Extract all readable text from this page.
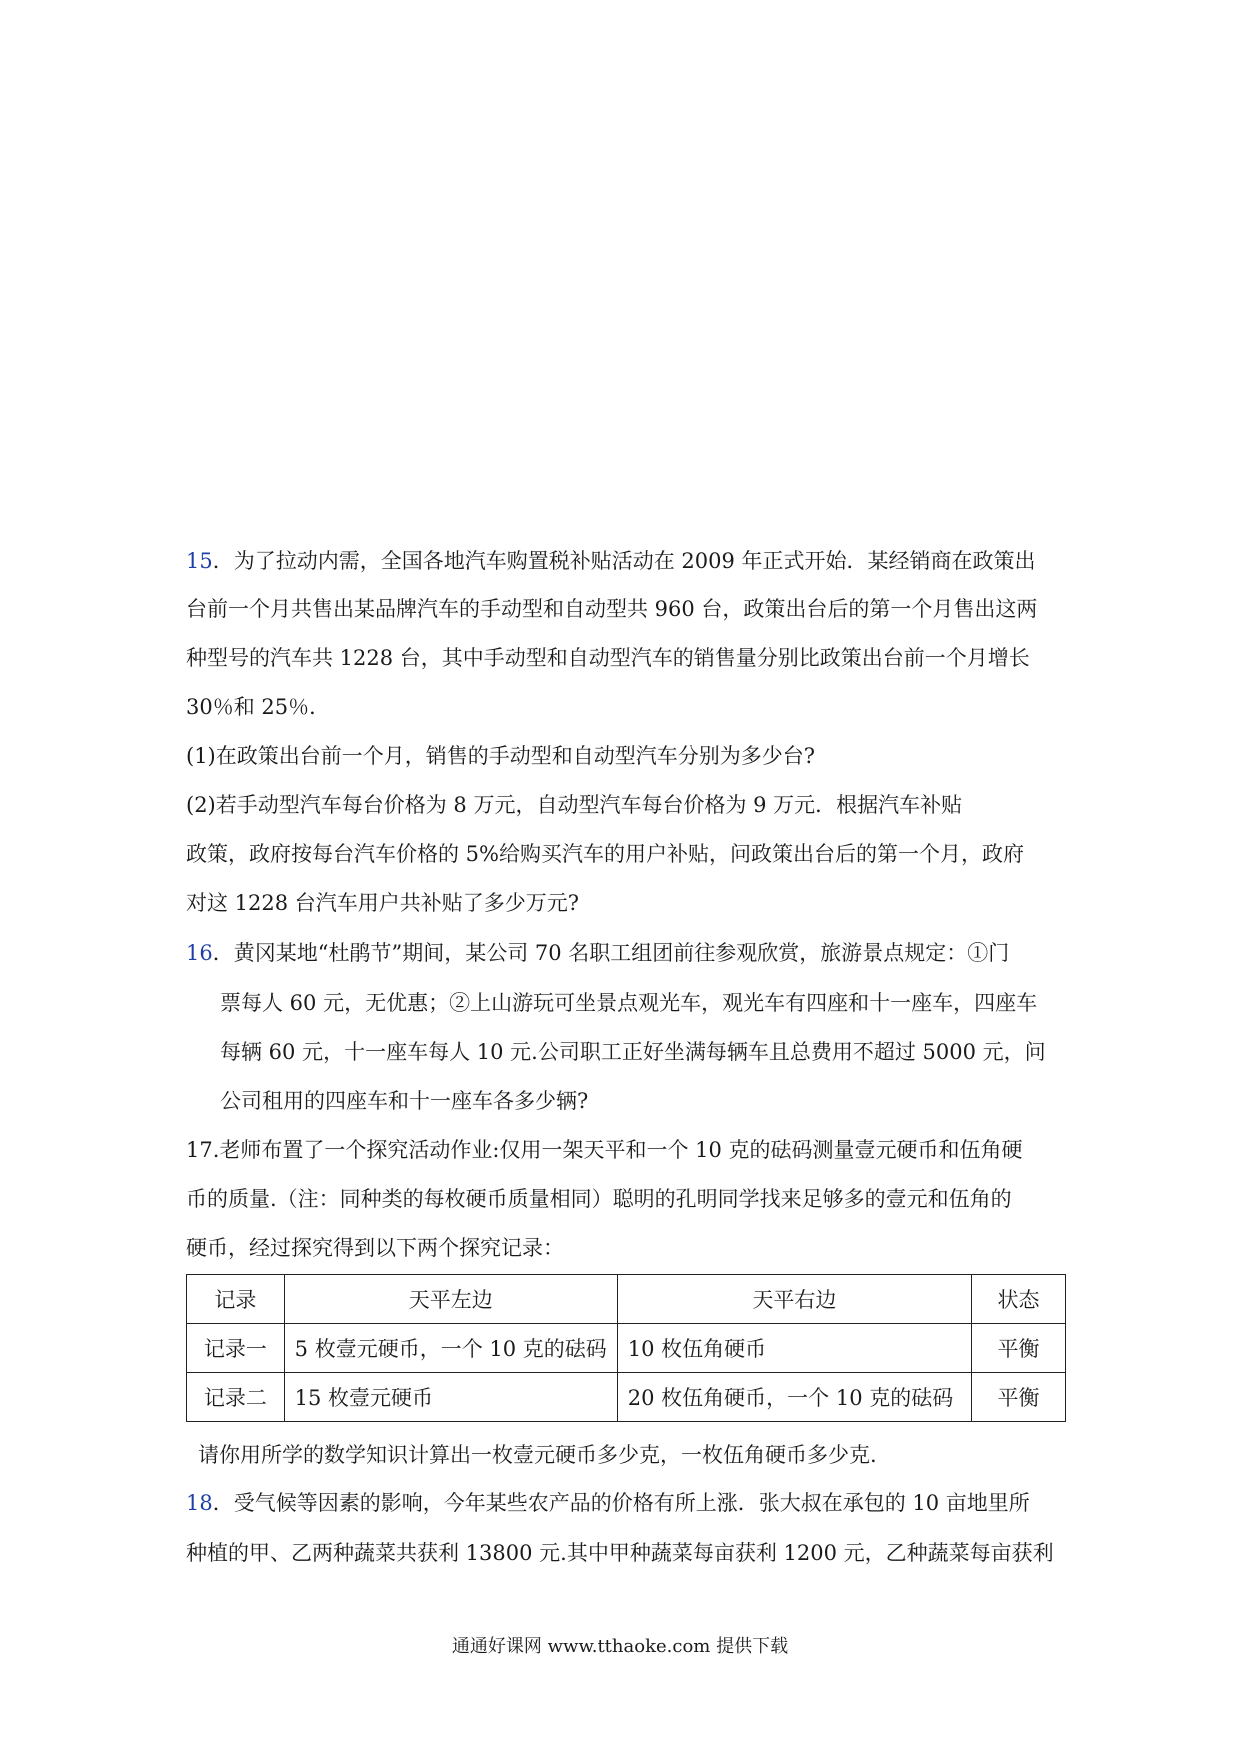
15．为了拉动内需，全国各地汽车购置税补贴活动在 2009 年正式开始．某经销商在政策出
台前一个月共售出某品牌汽车的手动型和自动型共 960 台，政策出台后的第一个月售出这两
种型号的汽车共 1228 台，其中手动型和自动型汽车的销售量分别比政策出台前一个月增长
30％和 25％．
(1)在政策出台前一个月，销售的手动型和自动型汽车分别为多少台?
(2)若手动型汽车每台价格为 8 万元，自动型汽车每台价格为 9 万元．根据汽车补贴
政策，政府按每台汽车价格的 5%给购买汽车的用户补贴，问政策出台后的第一个月，政府
对这 1228 台汽车用户共补贴了多少万元?
16．黄冈某地“杜鹃节”期间，某公司 70 名职工组团前往参观欣赏，旅游景点规定：①门
票每人 60 元，无优惠；②上山游玩可坐景点观光车，观光车有四座和十一座车，四座车
每辆 60 元，十一座车每人 10 元.公司职工正好坐满每辆车且总费用不超过 5000 元，问
公司租用的四座车和十一座车各多少辆?
17.老师布置了一个探究活动作业:仅用一架天平和一个 10 克的砝码测量壹元硬币和伍角硬
币的质量.（注：同种类的每枚硬币质量相同）聪明的孔明同学找来足够多的壹元和伍角的
硬币，经过探究得到以下两个探究记录：
记录	天平左边	天平右边	状态
记录一	5 枚壹元硬币，一个 10 克的砝码	10 枚伍角硬币	平衡
记录二	15 枚壹元硬币	20 枚伍角硬币，一个 10 克的砝码	平衡
请你用所学的数学知识计算出一枚壹元硬币多少克，一枚伍角硬币多少克.
18．受气候等因素的影响，今年某些农产品的价格有所上涨．张大叔在承包的 10 亩地里所
种植的甲、乙两种蔬菜共获利 13800 元.其中甲种蔬菜每亩获利 1200 元，乙种蔬菜每亩获利
通通好课网 www.tthaoke.com 提供下载
